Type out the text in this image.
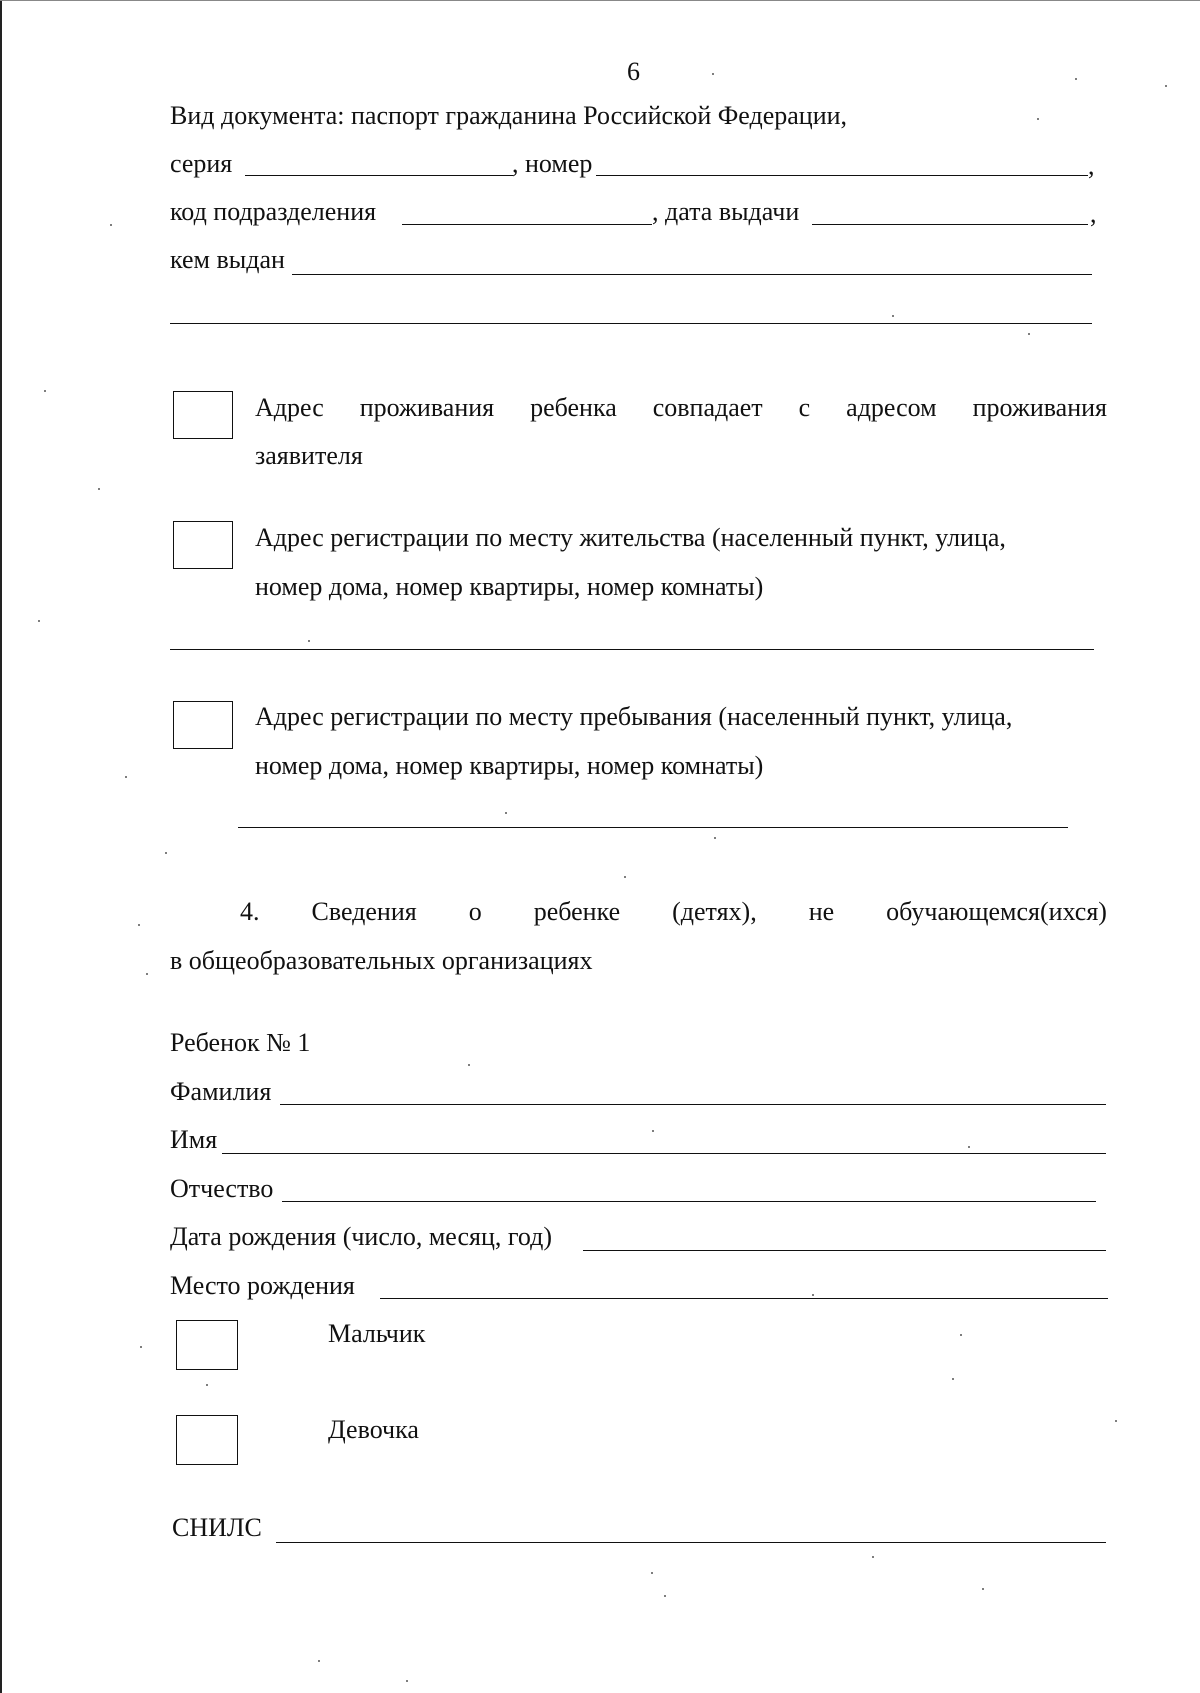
6
Вид документа: паспорт гражданина Российской Федерации,
серия	, номер	,
код подразделения	, дата выдачи	,
кем выдан
Адрес проживания ребенка совпадает с адресом проживания
заявителя
Адрес регистрации по месту жительства (населенный пункт, улица,
номер дома, номер квартиры, номер комнаты)
Адрес регистрации по месту пребывания (населенный пункт, улица,
номер дома, номер квартиры, номер комнаты)
4. Сведения о ребенке (детях), не обучающемся(ихся)
в общеобразовательных организациях
Ребенок № 1
Фамилия
Имя
Отчество
Дата рождения (число, месяц, год)
Место рождения
Мальчик
Девочка
СНИЛС
